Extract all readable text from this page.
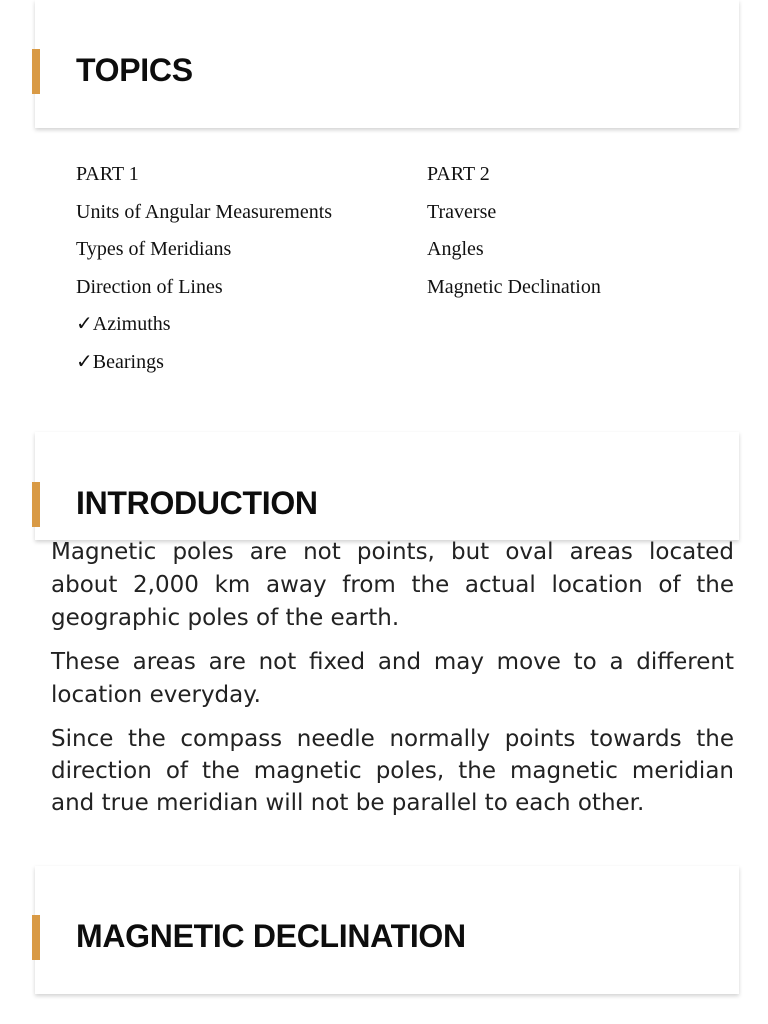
TOPICS
PART 1
Units of Angular Measurements
Types of Meridians
Direction of Lines
✓Azimuths
✓Bearings
PART 2
Traverse
Angles
Magnetic Declination
INTRODUCTION

Magnetic poles are not points, but oval areas located about 2,000 km away from the actual location of the geographic poles of the earth.

These areas are not fixed and may move to a different location everyday.

Since the compass needle normally points towards the direction of the magnetic poles, the magnetic meridian and true meridian will not be parallel to each other.

MAGNETIC DECLINATION
